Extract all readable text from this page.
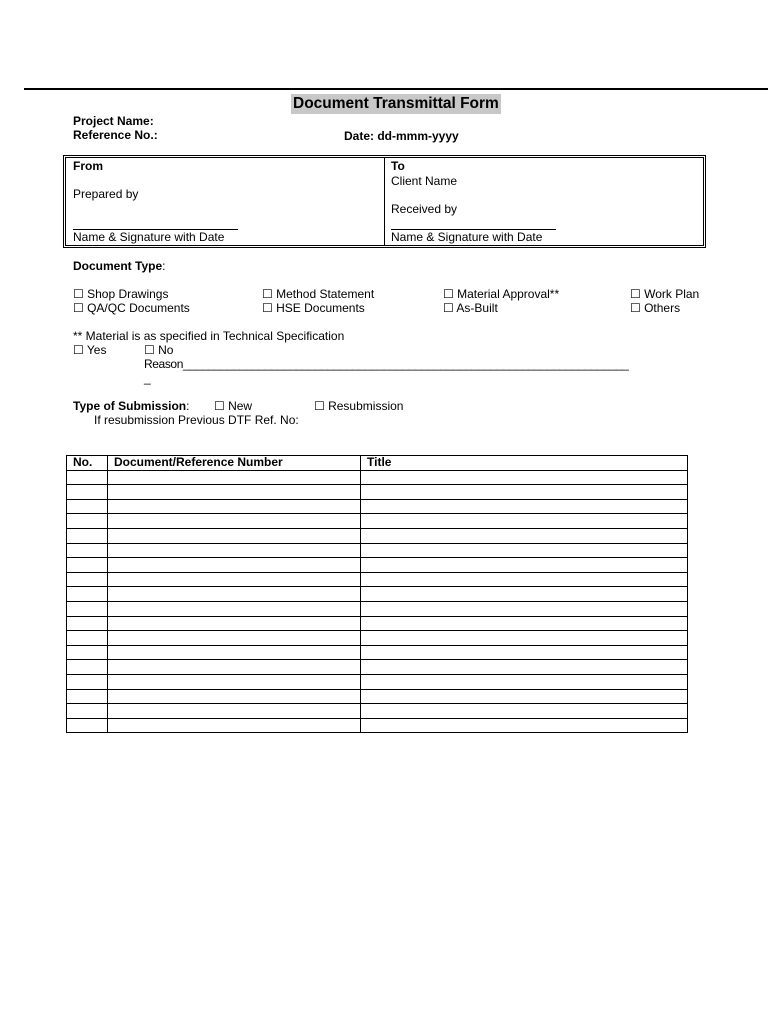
Document Transmittal Form
Project Name:
Reference No.:	Date: dd-mmm-yyyy
From
Prepared by
Name & Signature with Date
To
Client Name
Received by
Name & Signature with Date
Document Type:
☐ Shop Drawings	☐ Method Statement	☐ Material Approval**	☐ Work Plan
☐ QA/QC Documents	☐ HSE Documents	☐ As-Built	☐ Others
** Material is as specified in Technical Specification
☐ Yes	☐ No
Reason_______________________________________________________________________
_
Type of Submission: ☐ New	☐ Resubmission
If resubmission Previous DTF Ref. No:
No.	Document/Reference Number	Title
